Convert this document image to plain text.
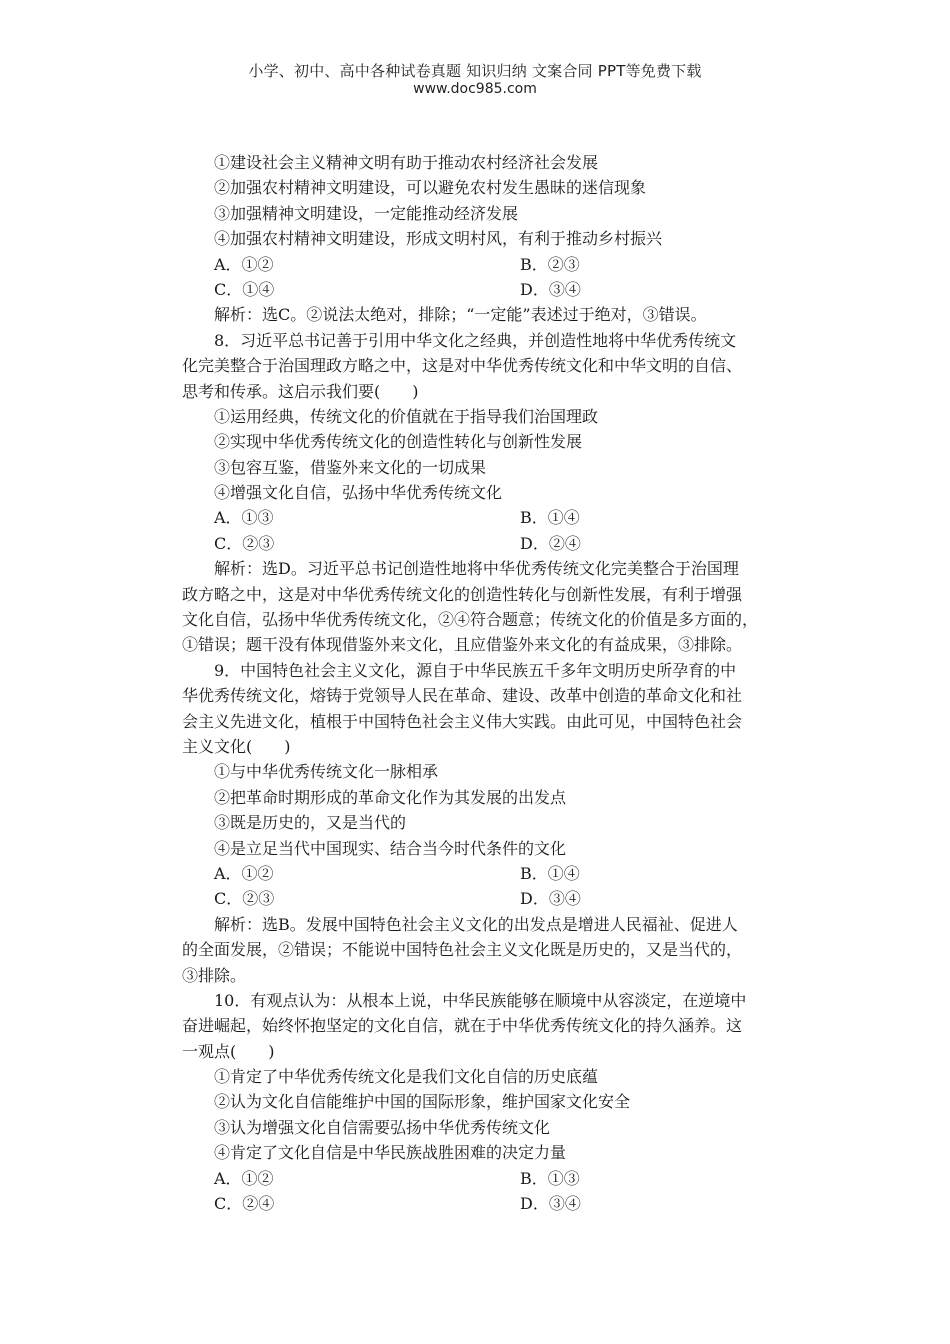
小学、初中、高中各种试卷真题 知识归纳 文案合同 PPT等免费下载
www.doc985.com
①建设社会主义精神文明有助于推动农村经济社会发展
②加强农村精神文明建设，可以避免农村发生愚昧的迷信现象
③加强精神文明建设，一定能推动经济发展
④加强农村精神文明建设，形成文明村风，有利于推动乡村振兴
A．①②	B．②③
C．①④	D．③④
解析：选C。②说法太绝对，排除；“一定能”表述过于绝对，③错误。
8．习近平总书记善于引用中华文化之经典，并创造性地将中华优秀传统文
化完美整合于治国理政方略之中，这是对中华优秀传统文化和中华文明的自信、
思考和传承。这启示我们要(　　)
①运用经典，传统文化的价值就在于指导我们治国理政
②实现中华优秀传统文化的创造性转化与创新性发展
③包容互鉴，借鉴外来文化的一切成果
④增强文化自信，弘扬中华优秀传统文化
A．①③	B．①④
C．②③	D．②④
解析：选D。习近平总书记创造性地将中华优秀传统文化完美整合于治国理
政方略之中，这是对中华优秀传统文化的创造性转化与创新性发展，有利于增强
文化自信，弘扬中华优秀传统文化，②④符合题意；传统文化的价值是多方面的，
①错误；题干没有体现借鉴外来文化，且应借鉴外来文化的有益成果，③排除。
9．中国特色社会主义文化，源自于中华民族五千多年文明历史所孕育的中
华优秀传统文化，熔铸于党领导人民在革命、建设、改革中创造的革命文化和社
会主义先进文化，植根于中国特色社会主义伟大实践。由此可见，中国特色社会
主义文化(　　)
①与中华优秀传统文化一脉相承
②把革命时期形成的革命文化作为其发展的出发点
③既是历史的，又是当代的
④是立足当代中国现实、结合当今时代条件的文化
A．①②	B．①④
C．②③	D．③④
解析：选B。发展中国特色社会主义文化的出发点是增进人民福祉、促进人
的全面发展，②错误；不能说中国特色社会主义文化既是历史的，又是当代的，
③排除。
10．有观点认为：从根本上说，中华民族能够在顺境中从容淡定，在逆境中
奋进崛起，始终怀抱坚定的文化自信，就在于中华优秀传统文化的持久涵养。这
一观点(　　)
①肯定了中华优秀传统文化是我们文化自信的历史底蕴
②认为文化自信能维护中国的国际形象，维护国家文化安全
③认为增强文化自信需要弘扬中华优秀传统文化
④肯定了文化自信是中华民族战胜困难的决定力量
A．①②	B．①③
C．②④	D．③④
